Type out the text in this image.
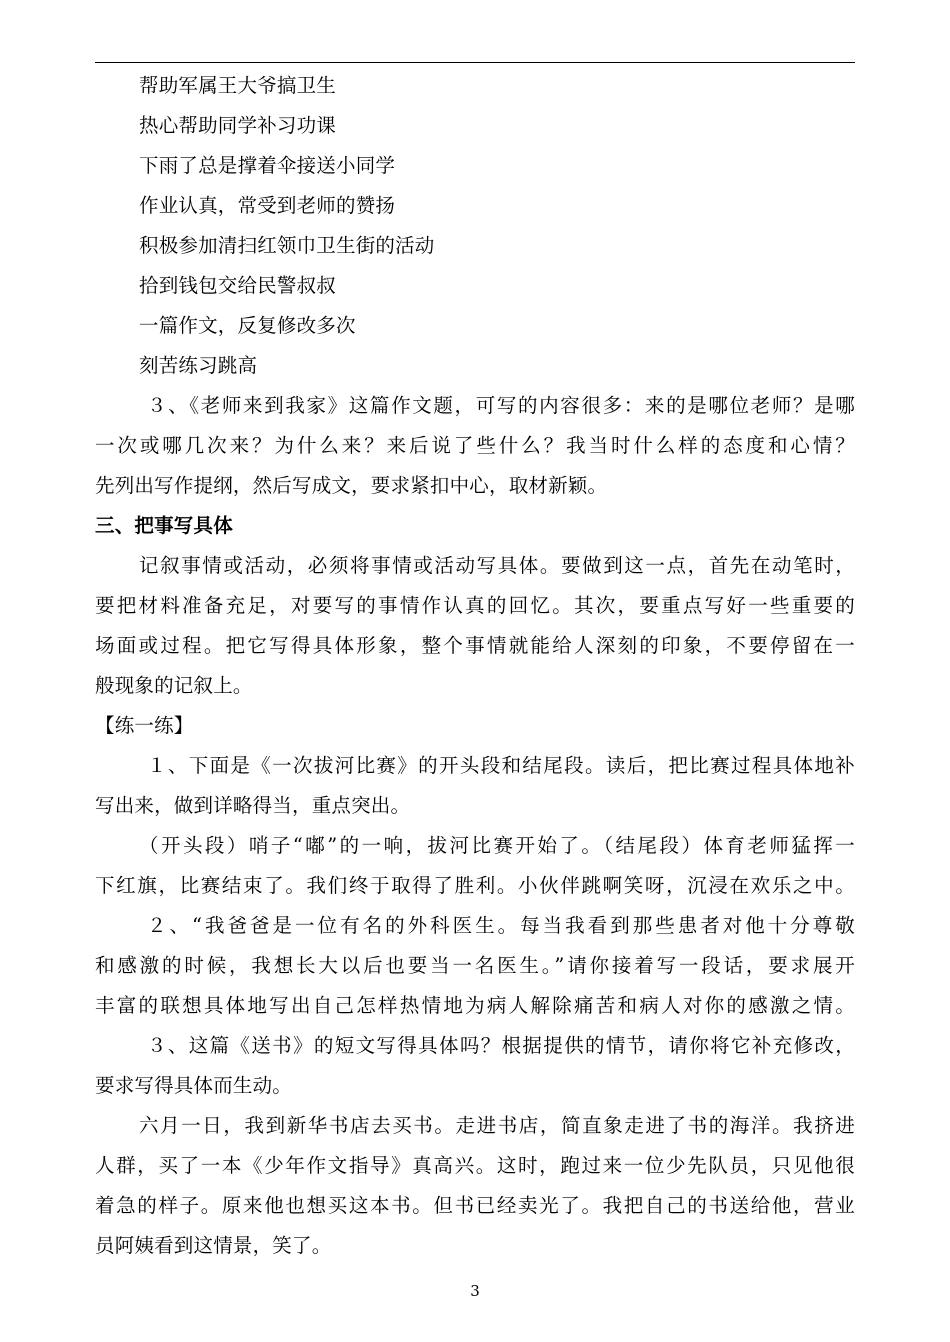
帮助军属王大爷搞卫生
热心帮助同学补习功课
下雨了总是撑着伞接送小同学
作业认真，常受到老师的赞扬
积极参加清扫红领巾卫生街的活动
拾到钱包交给民警叔叔
一篇作文，反复修改多次
刻苦练习跳高
３、《老师来到我家》这篇作文题，可写的内容很多：来的是哪位老师？是哪
一次或哪几次来？为什么来？来后说了些什么？我当时什么样的态度和心情？
先列出写作提纲，然后写成文，要求紧扣中心，取材新颖。
三、把事写具体
记叙事情或活动，必须将事情或活动写具体。要做到这一点，首先在动笔时，
要把材料准备充足，对要写的事情作认真的回忆。其次，要重点写好一些重要的
场面或过程。把它写得具体形象，整个事情就能给人深刻的印象，不要停留在一
般现象的记叙上。
【练一练】
１、下面是《一次拔河比赛》的开头段和结尾段。读后，把比赛过程具体地补
写出来，做到详略得当，重点突出。
（开头段）哨子“嘟”的一响，拔河比赛开始了。（结尾段）体育老师猛挥一
下红旗，比赛结束了。我们终于取得了胜利。小伙伴跳啊笑呀，沉浸在欢乐之中。
２、“我爸爸是一位有名的外科医生。每当我看到那些患者对他十分尊敬
和感激的时候，我想长大以后也要当一名医生。”请你接着写一段话，要求展开
丰富的联想具体地写出自己怎样热情地为病人解除痛苦和病人对你的感激之情。
３、这篇《送书》的短文写得具体吗？根据提供的情节，请你将它补充修改，
要求写得具体而生动。
六月一日，我到新华书店去买书。走进书店，简直象走进了书的海洋。我挤进
人群，买了一本《少年作文指导》真高兴。这时，跑过来一位少先队员，只见他很
着急的样子。原来他也想买这本书。但书已经卖光了。我把自己的书送给他，营业
员阿姨看到这情景，笑了。
3
